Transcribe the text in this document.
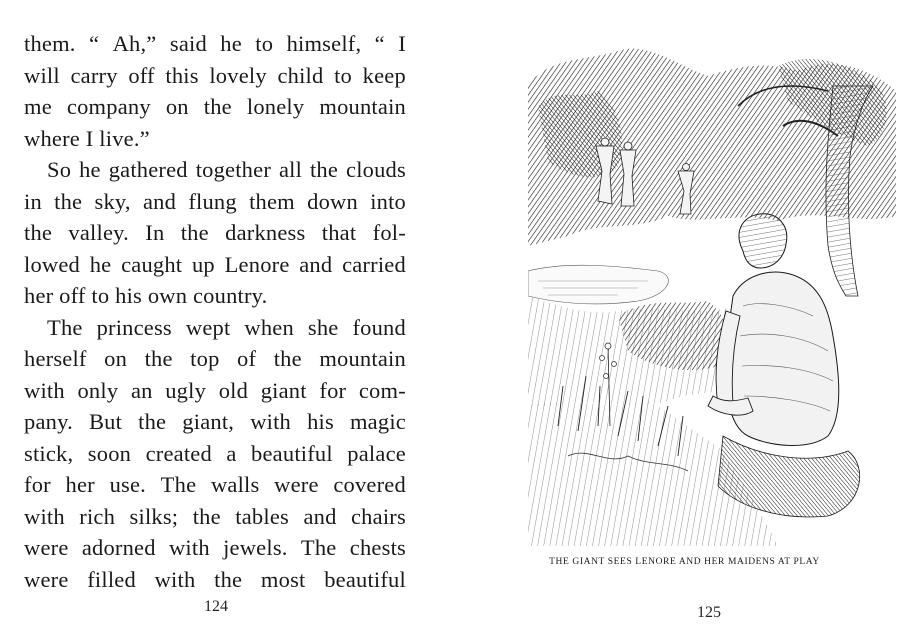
them. “ Ah,” said he to himself, “ I
will carry off this lovely child to keep
me company on the lonely mountain
where I live.”
So he gathered together all the clouds
in the sky, and flung them down into
the valley. In the darkness that fol-
lowed he caught up Lenore and carried
her off to his own country.
The princess wept when she found
herself on the top of the mountain
with only an ugly old giant for com-
pany. But the giant, with his magic
stick, soon created a beautiful palace
for her use. The walls were covered
with rich silks; the tables and chairs
were adorned with jewels. The chests
were filled with the most beautiful
124
THE GIANT SEES LENORE AND HER MAIDENS AT PLAY
125
